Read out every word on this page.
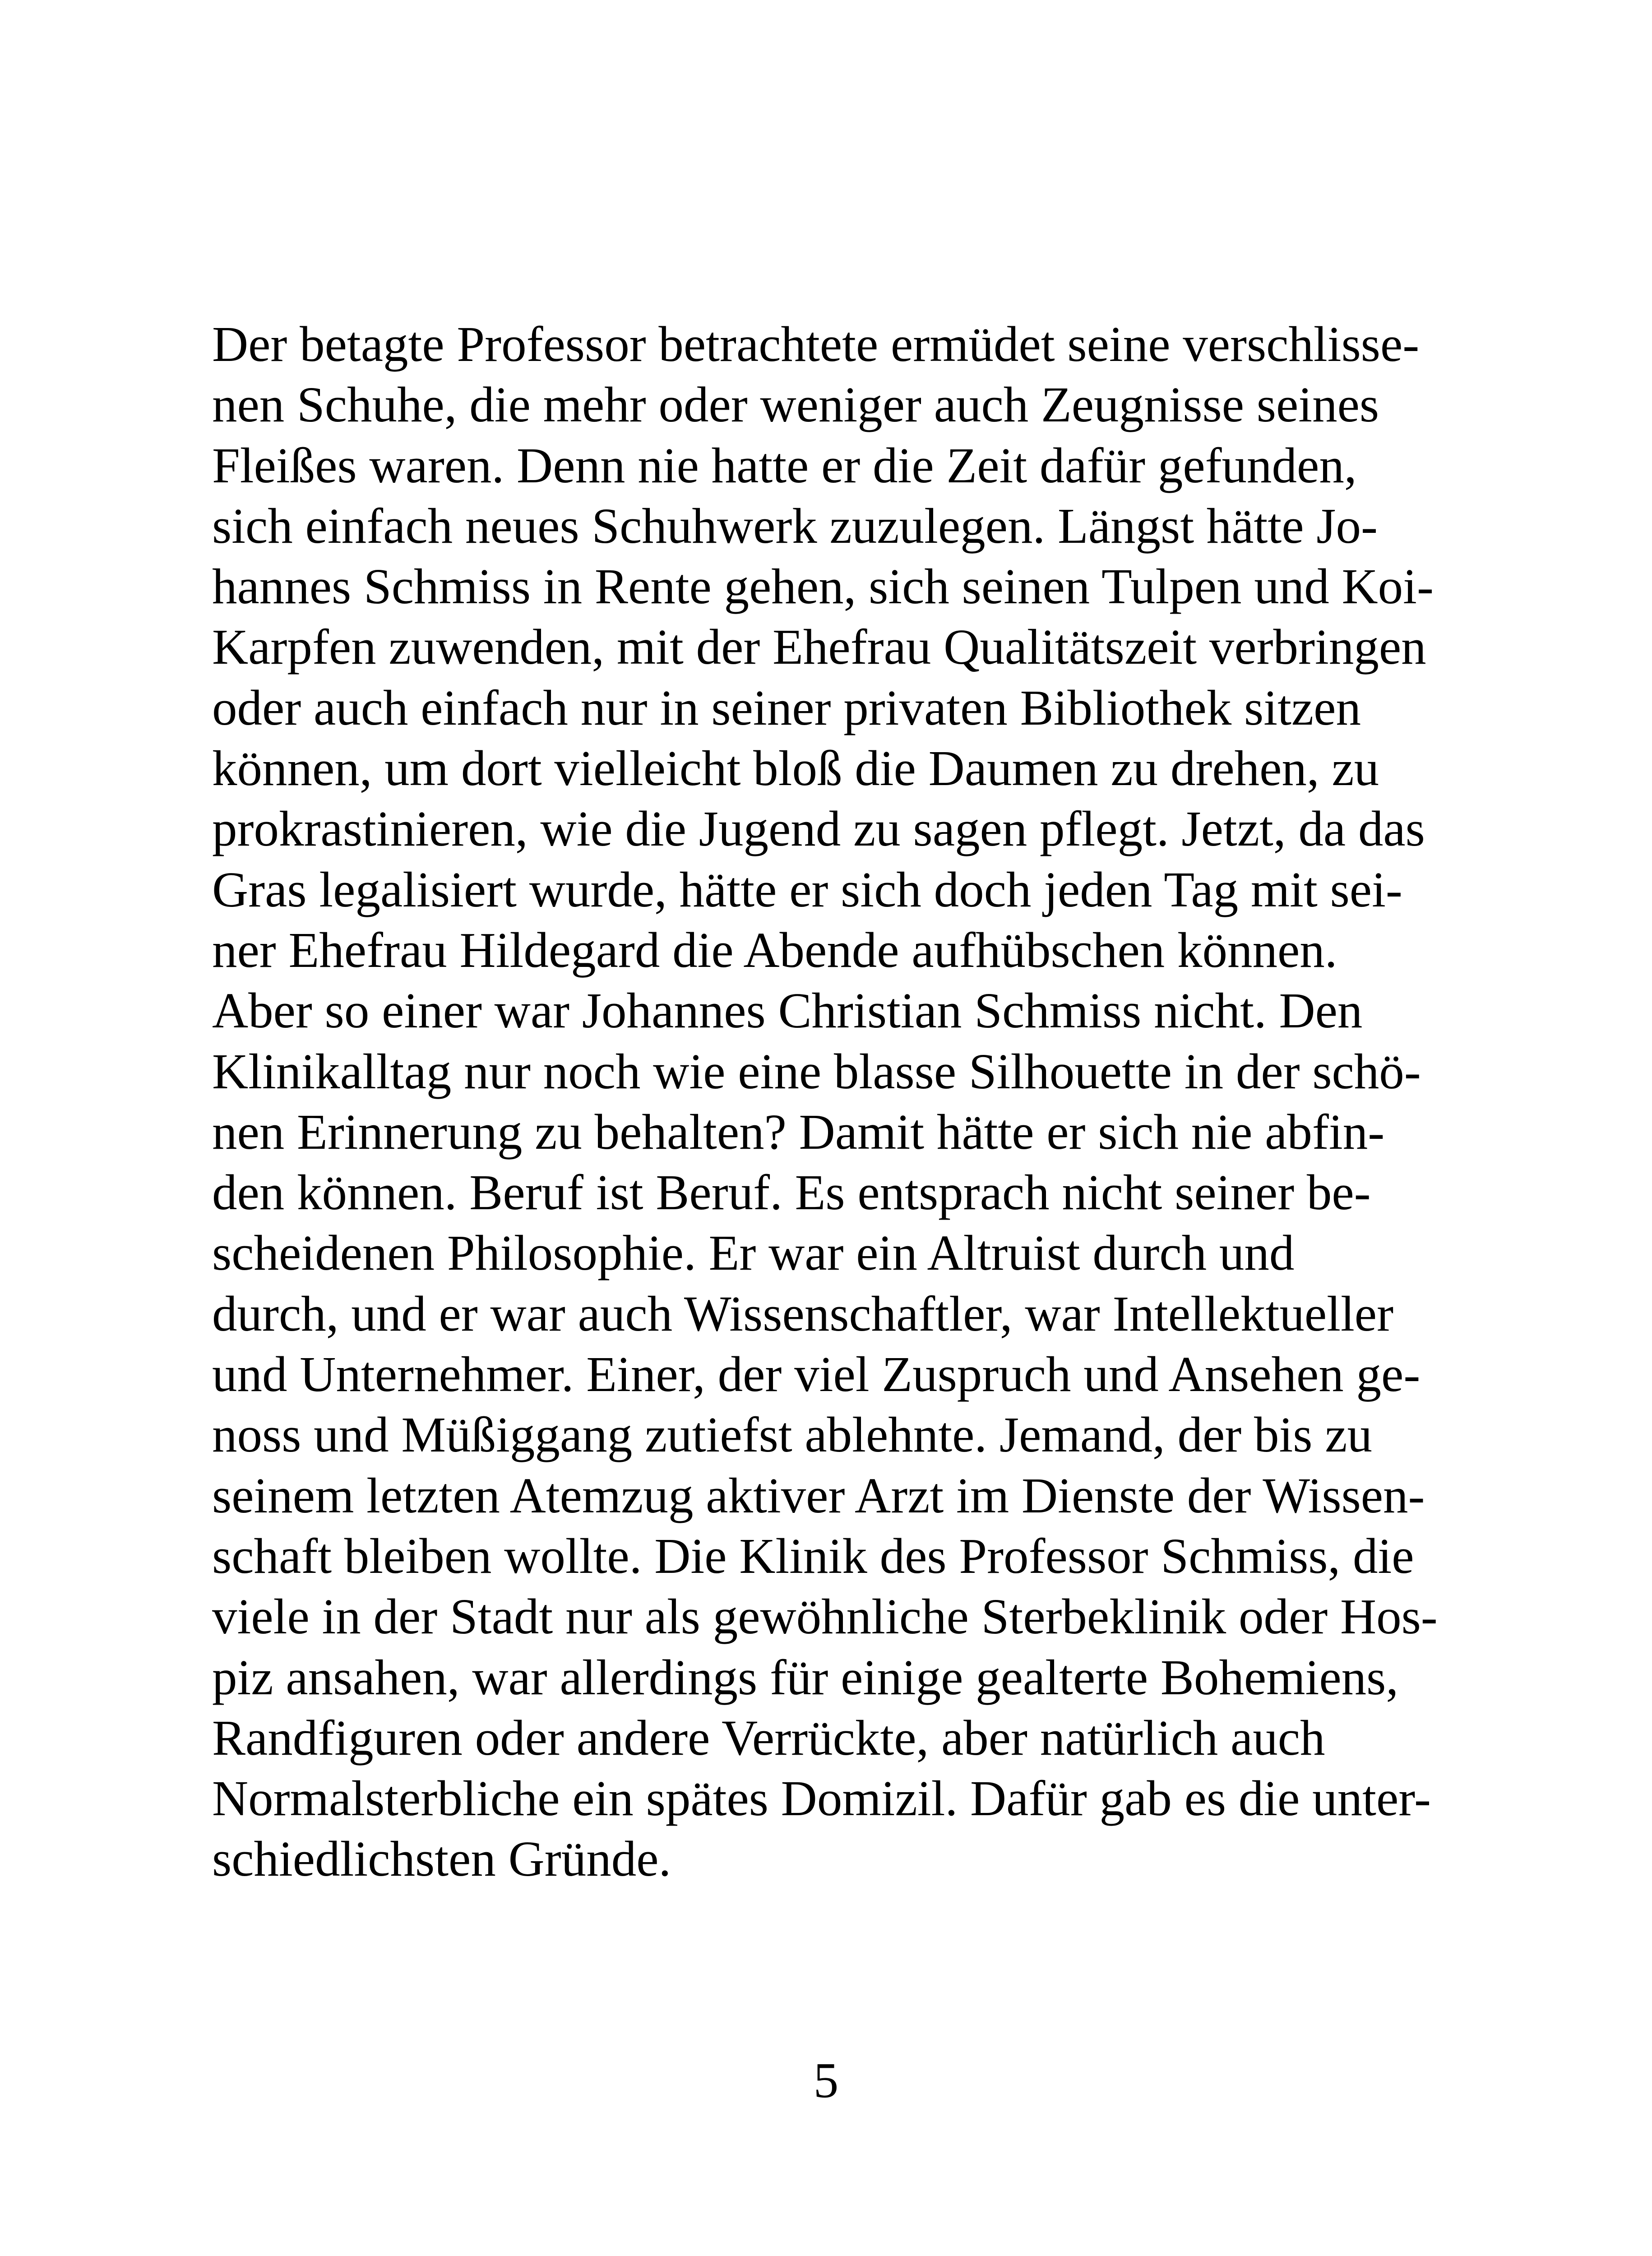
Der betagte Professor betrachtete ermüdet seine verschlisse-
nen Schuhe, die mehr oder weniger auch Zeugnisse seines
Fleißes waren. Denn nie hatte er die Zeit dafür gefunden,
sich einfach neues Schuhwerk zuzulegen. Längst hätte Jo-
hannes Schmiss in Rente gehen, sich seinen Tulpen und Koi-
Karpfen zuwenden, mit der Ehefrau Qualitätszeit verbringen
oder auch einfach nur in seiner privaten Bibliothek sitzen
können, um dort vielleicht bloß die Daumen zu drehen, zu
prokrastinieren, wie die Jugend zu sagen pflegt. Jetzt, da das
Gras legalisiert wurde, hätte er sich doch jeden Tag mit sei-
ner Ehefrau Hildegard die Abende aufhübschen können.
Aber so einer war Johannes Christian Schmiss nicht. Den
Klinikalltag nur noch wie eine blasse Silhouette in der schö-
nen Erinnerung zu behalten? Damit hätte er sich nie abfin-
den können. Beruf ist Beruf. Es entsprach nicht seiner be-
scheidenen Philosophie. Er war ein Altruist durch und
durch, und er war auch Wissenschaftler, war Intellektueller
und Unternehmer. Einer, der viel Zuspruch und Ansehen ge-
noss und Müßiggang zutiefst ablehnte. Jemand, der bis zu
seinem letzten Atemzug aktiver Arzt im Dienste der Wissen-
schaft bleiben wollte. Die Klinik des Professor Schmiss, die
viele in der Stadt nur als gewöhnliche Sterbeklinik oder Hos-
piz ansahen, war allerdings für einige gealterte Bohemiens,
Randfiguren oder andere Verrückte, aber natürlich auch
Normalsterbliche ein spätes Domizil. Dafür gab es die unter-
schiedlichsten Gründe.
5
